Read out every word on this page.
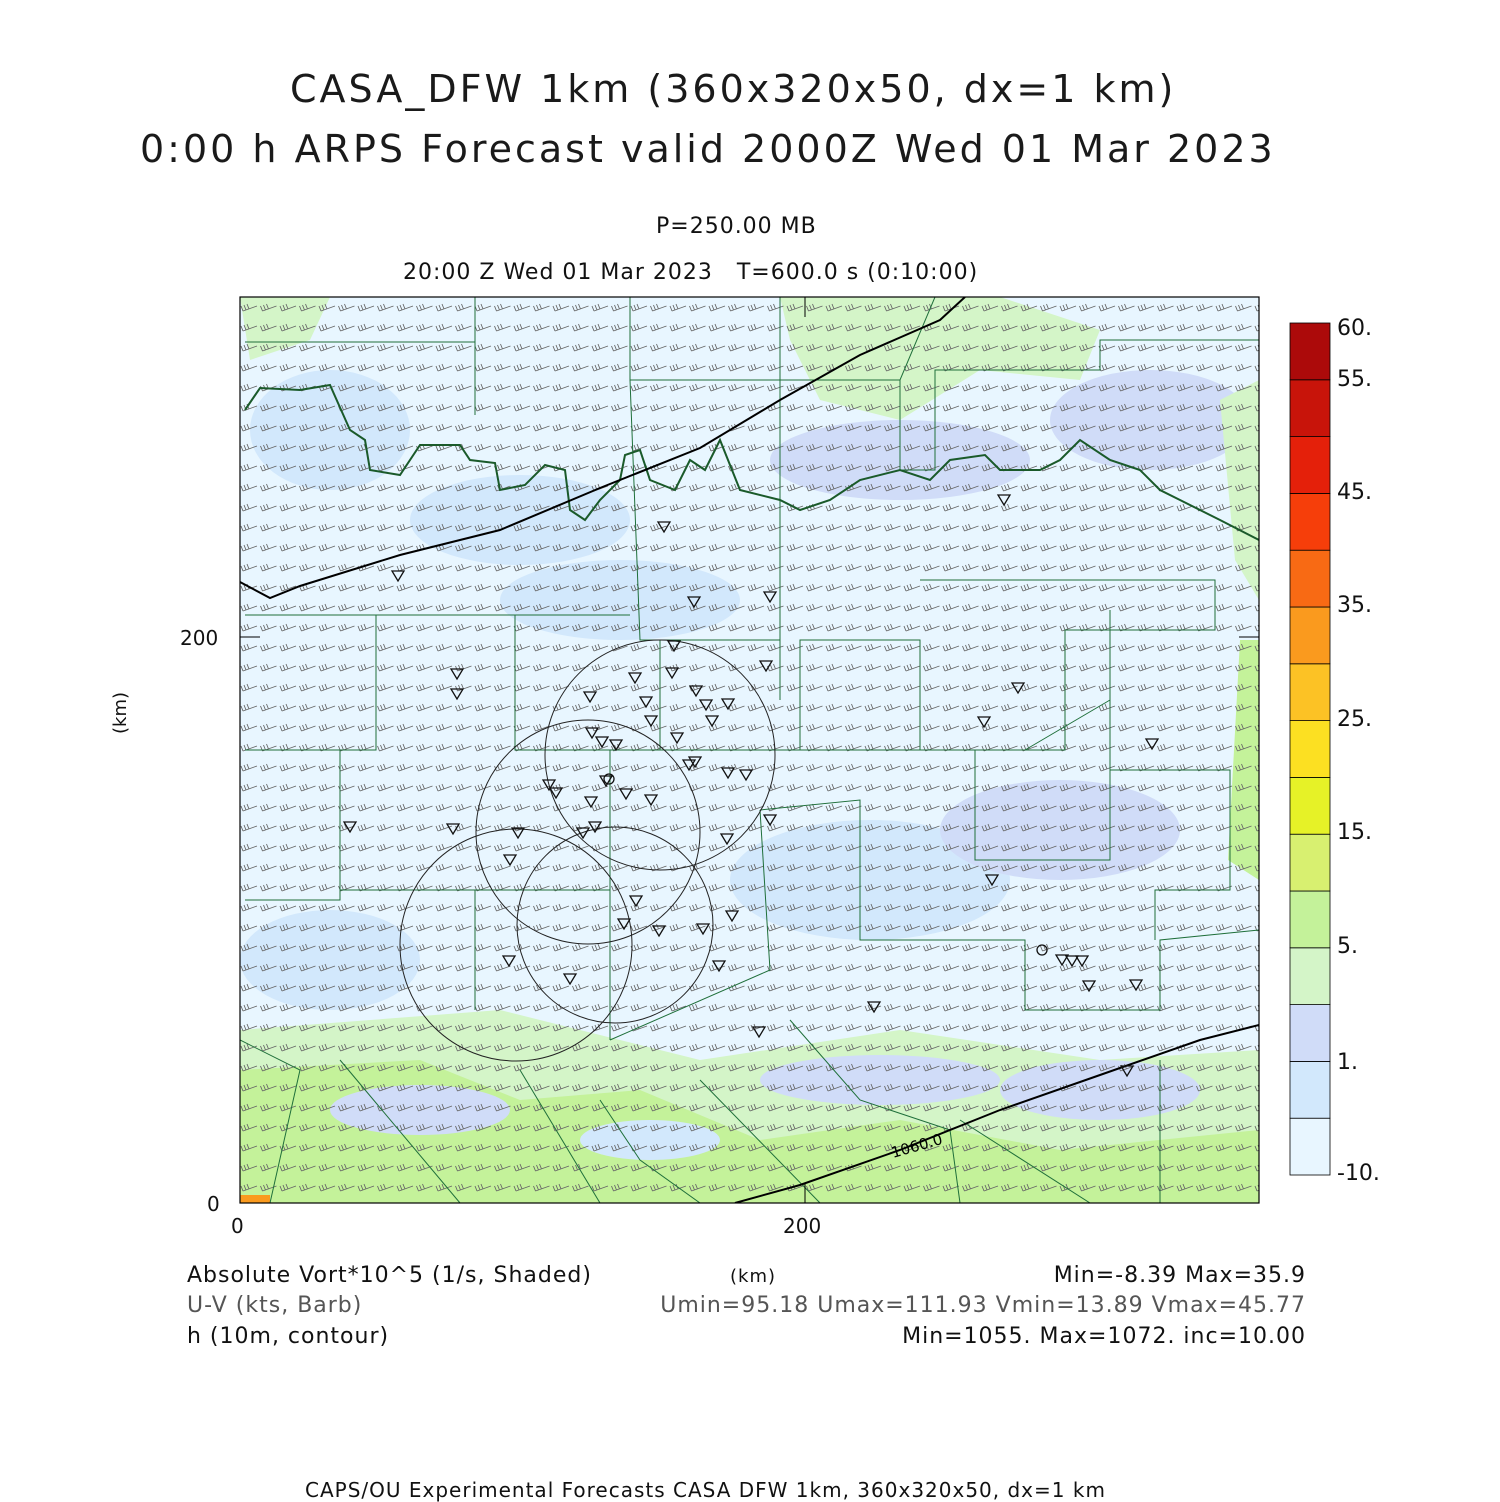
CASA_DFW 1km (360x320x50, dx=1 km)
0:00 h ARPS Forecast valid 2000Z Wed 01 Mar 2023
P=250.00 MB
20:00 Z Wed 01 Mar 2023   T=600.0 s (0:10:00)
1060.0
200
0
0	200
(km)
60.
55.
45.
35.
25.
15.
5.
1.
-10.
Absolute Vort*10^5 (1/s, Shaded)	(km)	Min=-8.39 Max=35.9
U-V (kts, Barb)	Umin=95.18 Umax=111.93 Vmin=13.89 Vmax=45.77
h (10m, contour)	Min=1055. Max=1072. inc=10.00
CAPS/OU Experimental Forecasts CASA DFW 1km, 360x320x50, dx=1 km
